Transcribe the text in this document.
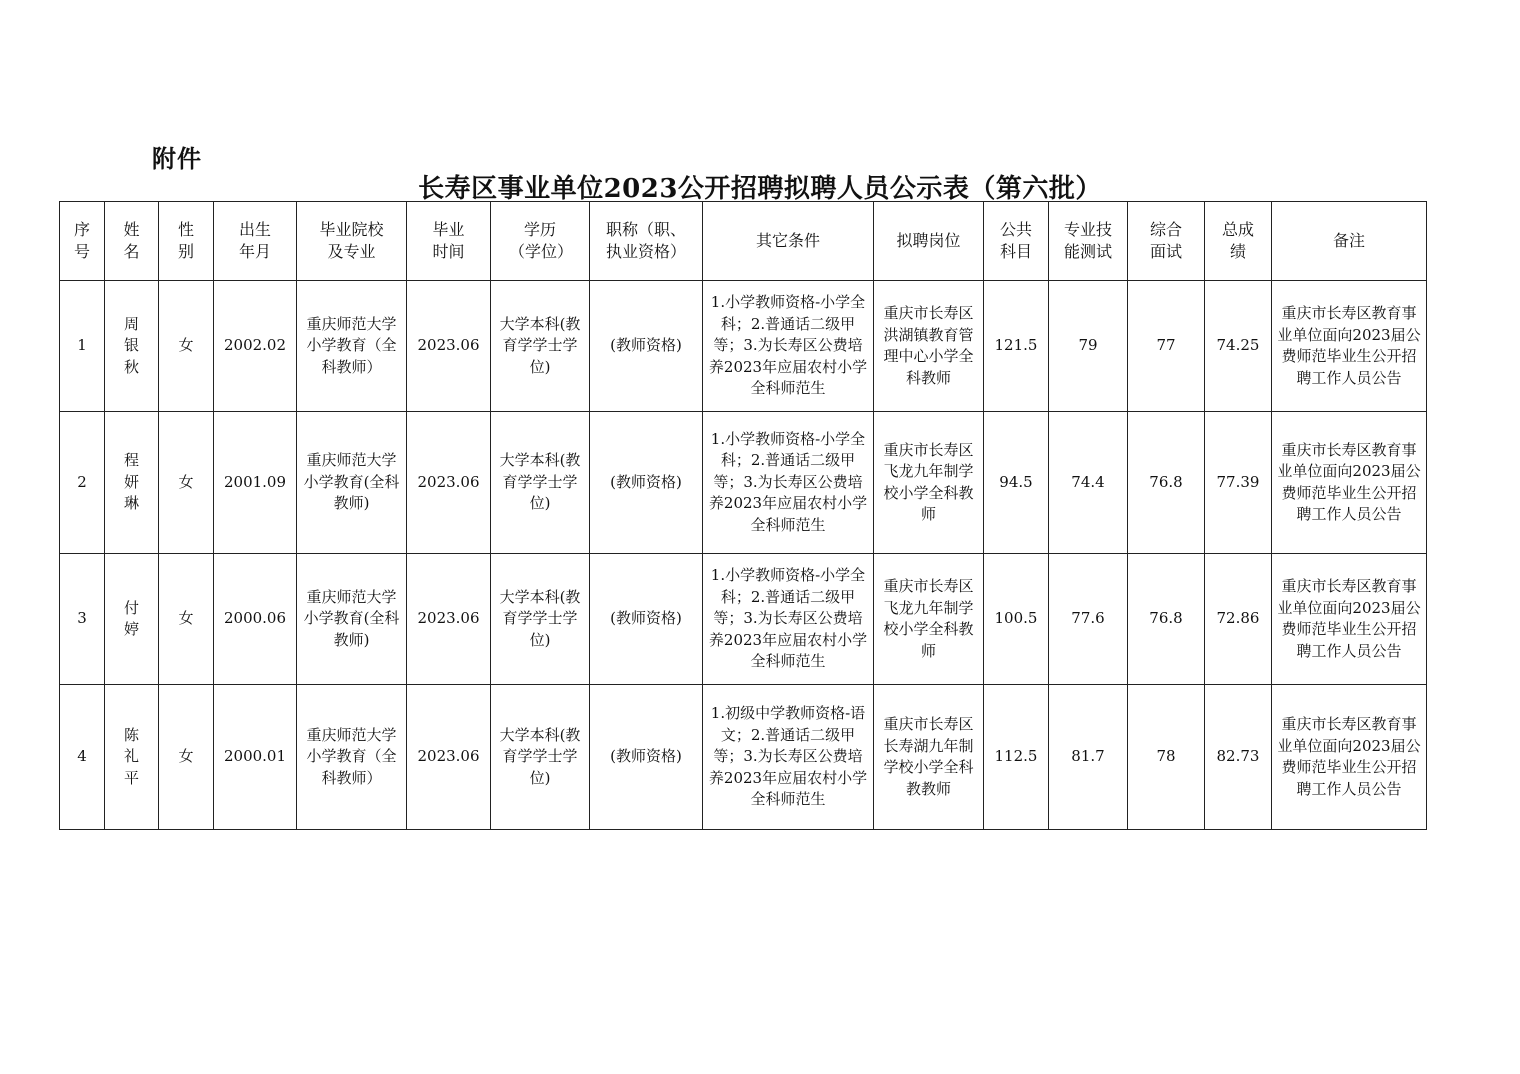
附件
长寿区事业单位2023公开招聘拟聘人员公示表（第六批）
序号	姓名	性别	出生年月	毕业院校及专业	毕业时间	学历（学位）	职称（职、执业资格）	其它条件	拟聘岗位	公共科目	专业技能测试	综合面试	总成绩	备注
1	周银秋	女	2002.02	重庆师范大学小学教育（全科教师）	2023.06	大学本科(教育学学士学位)	(教师资格)	1.小学教师资格-小学全科；2.普通话二级甲等；3.为长寿区公费培养2023年应届农村小学全科师范生	重庆市长寿区洪湖镇教育管理中心小学全科教师	121.5	79	77	74.25	重庆市长寿区教育事业单位面向2023届公费师范毕业生公开招聘工作人员公告
2	程妍琳	女	2001.09	重庆师范大学小学教育(全科教师)	2023.06	大学本科(教育学学士学位)	(教师资格)	1.小学教师资格-小学全科；2.普通话二级甲等；3.为长寿区公费培养2023年应届农村小学全科师范生	重庆市长寿区飞龙九年制学校小学全科教师	94.5	74.4	76.8	77.39	重庆市长寿区教育事业单位面向2023届公费师范毕业生公开招聘工作人员公告
3	付婷	女	2000.06	重庆师范大学小学教育(全科教师)	2023.06	大学本科(教育学学士学位)	(教师资格)	1.小学教师资格-小学全科；2.普通话二级甲等；3.为长寿区公费培养2023年应届农村小学全科师范生	重庆市长寿区飞龙九年制学校小学全科教师	100.5	77.6	76.8	72.86	重庆市长寿区教育事业单位面向2023届公费师范毕业生公开招聘工作人员公告
4	陈礼平	女	2000.01	重庆师范大学小学教育（全科教师）	2023.06	大学本科(教育学学士学位)	(教师资格)	1.初级中学教师资格-语文；2.普通话二级甲等；3.为长寿区公费培养2023年应届农村小学全科师范生	重庆市长寿区长寿湖九年制学校小学全科教教师	112.5	81.7	78	82.73	重庆市长寿区教育事业单位面向2023届公费师范毕业生公开招聘工作人员公告
